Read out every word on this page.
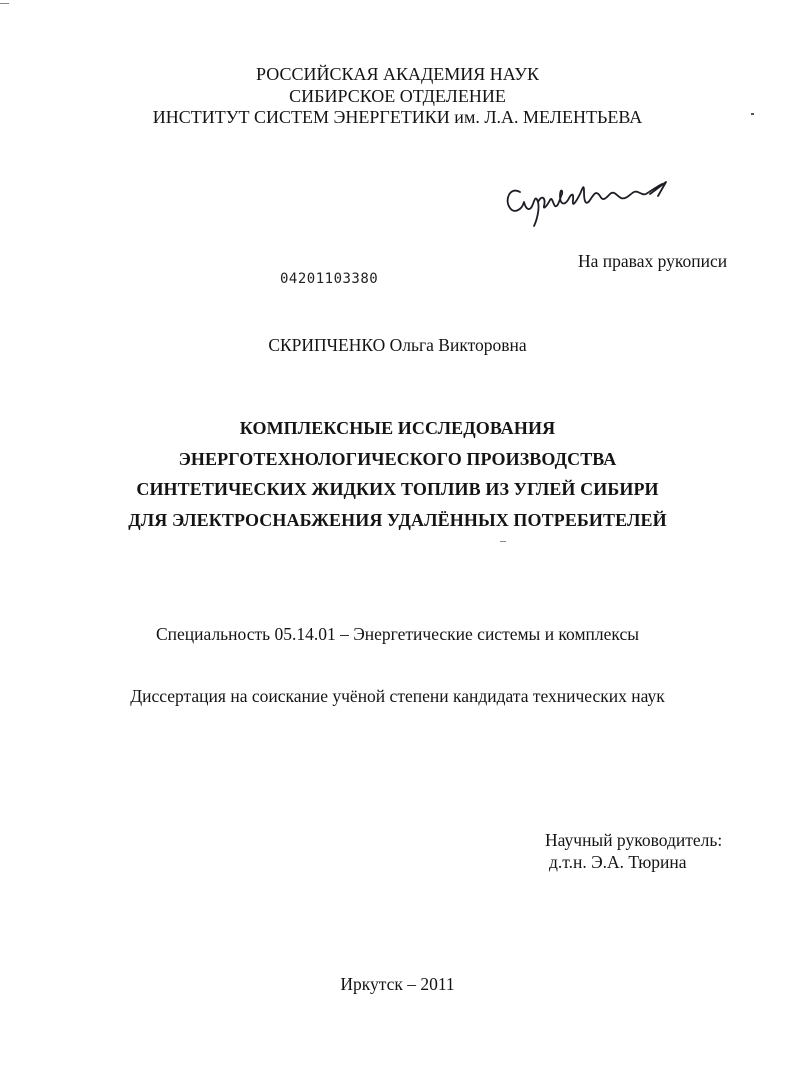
РОССИЙСКАЯ АКАДЕМИЯ НАУК
СИБИРСКОЕ ОТДЕЛЕНИЕ
ИНСТИТУТ СИСТЕМ ЭНЕРГЕТИКИ им. Л.А. МЕЛЕНТЬЕВА
На правах рукописи
04201103380
СКРИПЧЕНКО Ольга Викторовна
КОМПЛЕКСНЫЕ ИССЛЕДОВАНИЯ
ЭНЕРГОТЕХНОЛОГИЧЕСКОГО ПРОИЗВОДСТВА
СИНТЕТИЧЕСКИХ ЖИДКИХ ТОПЛИВ ИЗ УГЛЕЙ СИБИРИ
ДЛЯ ЭЛЕКТРОСНАБЖЕНИЯ УДАЛЁННЫХ ПОТРЕБИТЕЛЕЙ
Специальность 05.14.01 – Энергетические системы и комплексы
Диссертация на соискание учёной степени кандидата технических наук
Научный руководитель:
д.т.н. Э.А. Тюрина
Иркутск – 2011
